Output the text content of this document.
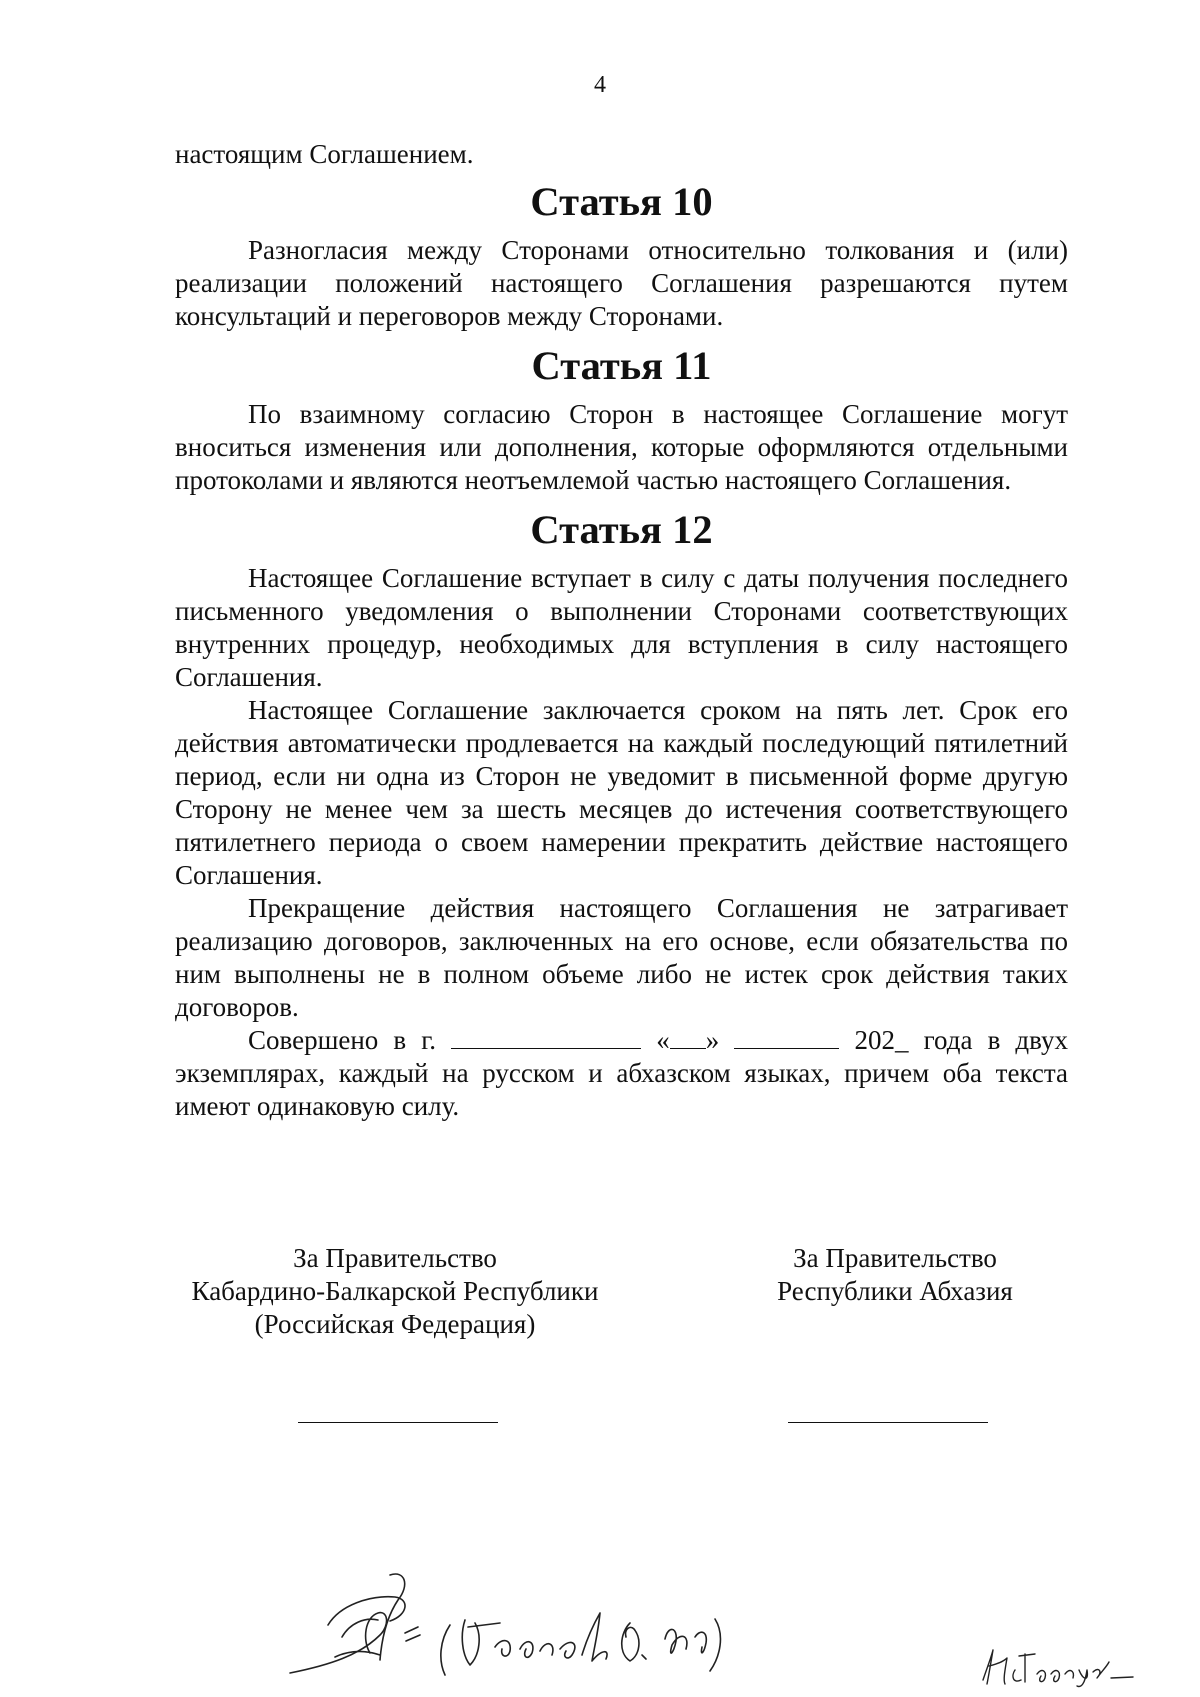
4

настоящим Соглашением.

Статья 10

Разногласия между Сторонами относительно толкования и (или) реализации положений настоящего Соглашения разрешаются путем консультаций и переговоров между Сторонами.

Статья 11

По взаимному согласию Сторон в настоящее Соглашение могут вноситься изменения или дополнения, которые оформляются отдельными протоколами и являются неотъемлемой частью настоящего Соглашения.

Статья 12

Настоящее Соглашение вступает в силу с даты получения последнего письменного уведомления о выполнении Сторонами соответствующих внутренних процедур, необходимых для вступления в силу настоящего Соглашения.

Настоящее Соглашение заключается сроком на пять лет. Срок его действия автоматически продлевается на каждый последующий пятилетний период, если ни одна из Сторон не уведомит в письменной форме другую Сторону не менее чем за шесть месяцев до истечения соответствующего пятилетнего периода о своем намерении прекратить действие настоящего Соглашения.

Прекращение действия настоящего Соглашения не затрагивает реализацию договоров, заключенных на его основе, если обязательства по ним выполнены не в полном объеме либо не истек срок действия таких договоров.

Совершено в г.	« »	202_ года в двух экземплярах, каждый на русском и абхазском языках, причем оба текста имеют одинаковую силу.

За Правительство
Кабардино-Балкарской Республики
(Российская Федерация)
За Правительство
Республики Абхазия
